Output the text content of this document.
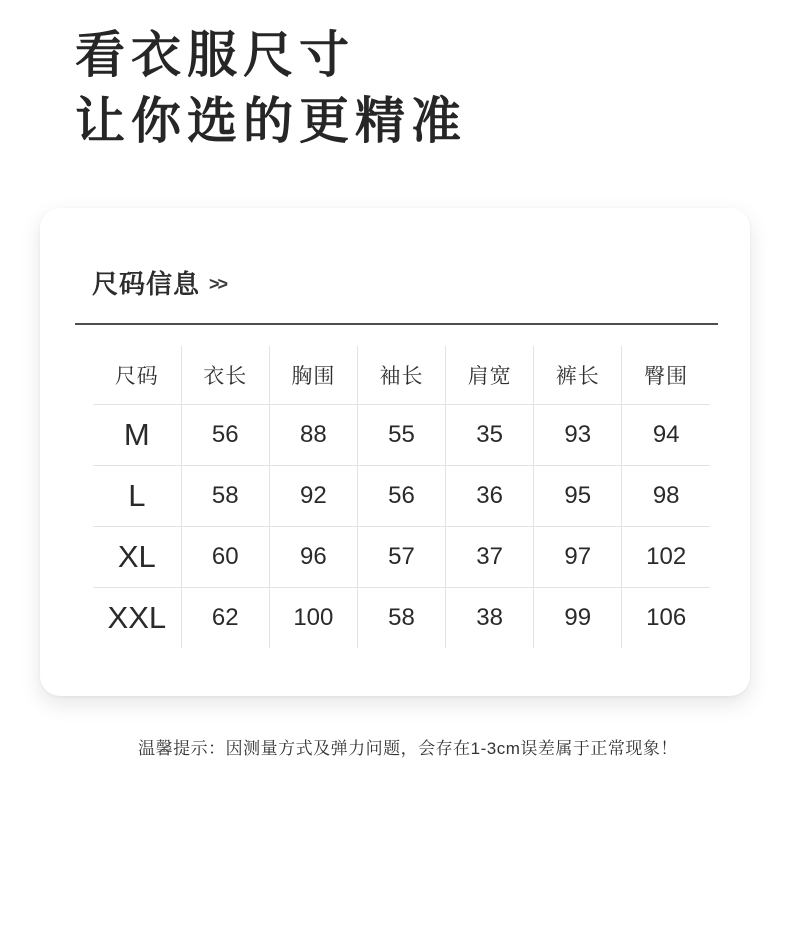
看衣服尺寸
让你选的更精准
尺码信息 >>
尺码	衣长	胸围	袖长	肩宽	裤长	臀围
M	56	88	55	35	93	94
L	58	92	56	36	95	98
XL	60	96	57	37	97	102
XXL	62	100	58	38	99	106
温馨提示：因测量方式及弹力问题，会存在1-3cm误差属于正常现象！
